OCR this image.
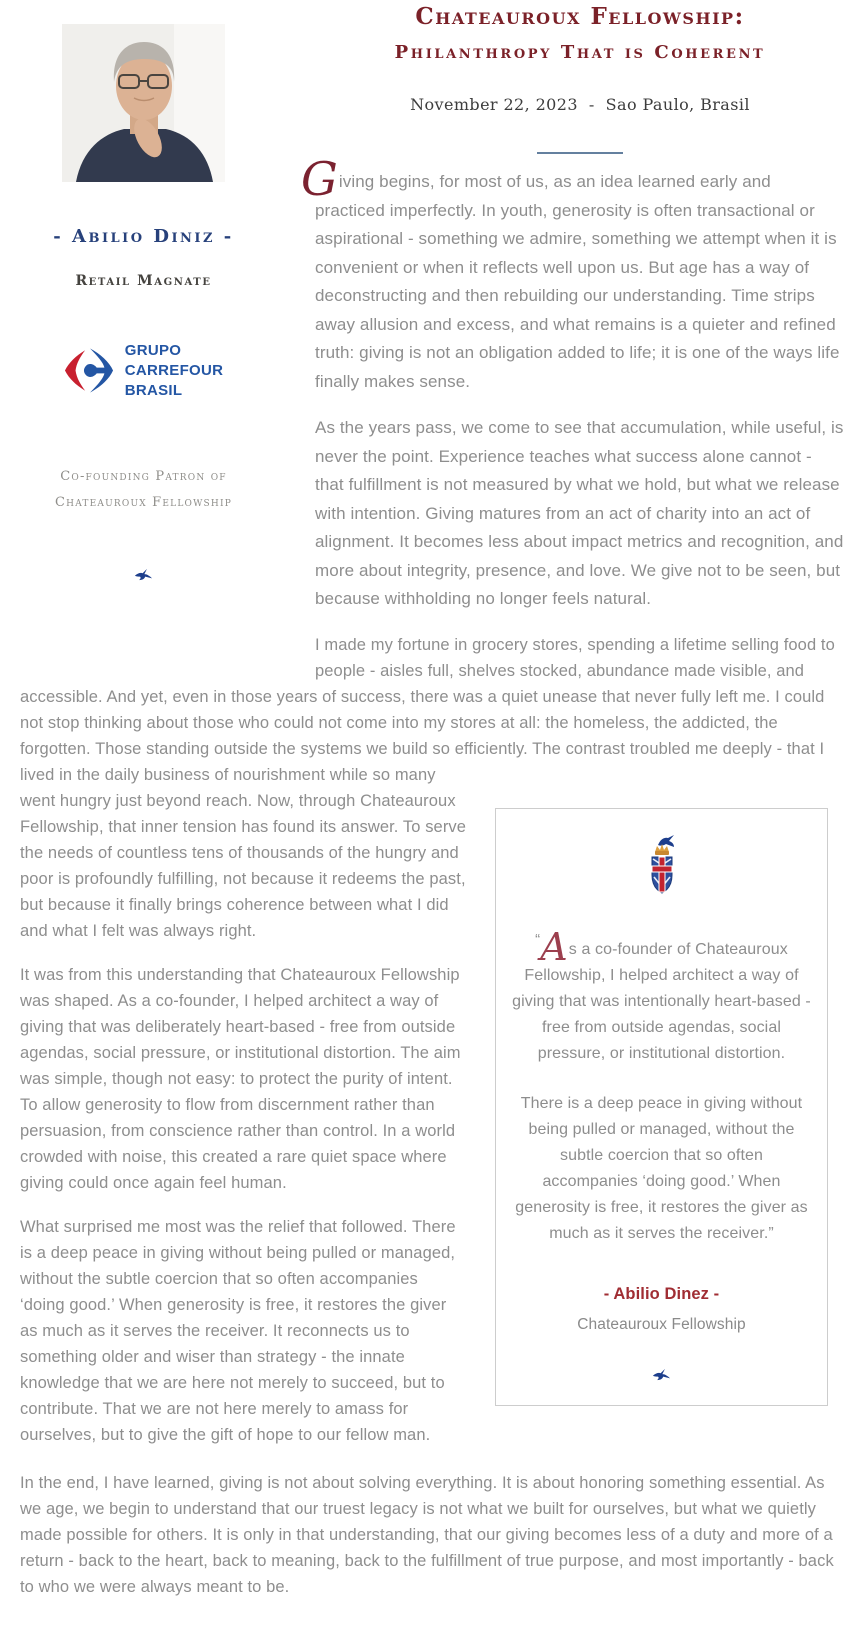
- Abilio Diniz -
Retail Magnate
GRUPO
CARREFOUR
BRASIL
Co-founding Patron of
Chateauroux Fellowship
Chateauroux Fellowship:
Philanthropy That is Coherent
November 22, 2023  -  Sao Paulo, Brasil
Giving begins, for most of us, as an idea learned early and practiced imperfectly. In youth, generosity is often transactional or aspirational - something we admire, something we attempt when it is convenient or when it reflects well upon us. But age has a way of deconstructing and then rebuilding our understanding. Time strips away allusion and excess, and what remains is a quieter and refined truth: giving is not an obligation added to life; it is one of the ways life finally makes sense.
As the years pass, we come to see that accumulation, while useful, is never the point. Experience teaches what success alone cannot - that fulfillment is not measured by what we hold, but what we release with intention. Giving matures from an act of charity into an act of alignment. It becomes less about impact metrics and recognition, and more about integrity, presence, and love. We give not to be seen, but because withholding no longer feels natural.
I made my fortune in grocery stores, spending a lifetime selling food to people - aisles full, shelves stocked, abundance made visible, and accessible. And yet, even in those years of success, there was a quiet unease that never fully left me. I could not stop thinking about those who could not come into my stores at all: the homeless, the addicted, the forgotten. Those standing outside the systems we build so efficiently. The contrast troubled me deeply - that I lived in the daily
“As a co-founder of Chateauroux Fellowship, I helped architect a way of giving that was intentionally heart-based - free from outside agendas, social pressure, or institutional distortion.
There is a deep peace in giving without being pulled or managed, without the subtle coercion that so often accompanies ‘doing good.’ When generosity is free, it restores the giver as much as it serves the receiver.”
- Abilio Dinez -
Chateauroux Fellowship
business of nourishment while so many went hungry just beyond reach. Now, through Chateauroux Fellowship, that inner tension has found its answer. To serve the needs of countless tens of thousands of the hungry and poor is profoundly fulfilling, not because it redeems the past, but because it finally brings coherence between what I did and what I felt was always right.
It was from this understanding that Chateauroux Fellowship was shaped. As a co-founder, I helped architect a way of giving that was deliberately heart-based - free from outside agendas, social pressure, or institutional distortion. The aim was simple, though not easy: to protect the purity of intent. To allow generosity to flow from discernment rather than persuasion, from conscience rather than control. In a world crowded with noise, this created a rare quiet space where giving could once again feel human.
What surprised me most was the relief that followed. There is a deep peace in giving without being pulled or managed, without the subtle coercion that so often accompanies ‘doing good.’ When generosity is free, it restores the giver as much as it serves the receiver. It reconnects us to something older and wiser than strategy - the innate knowledge that we are here not merely to succeed, but to contribute. That we are not here merely to amass for ourselves, but to give the gift of hope to our fellow man.
In the end, I have learned, giving is not about solving everything. It is about honoring something essential. As we age, we begin to understand that our truest legacy is not what we built for ourselves, but what we quietly made possible for others. It is only in that understanding, that our giving becomes less of a duty and more of a return - back to the heart, back to meaning, back to the fulfillment of true purpose, and most importantly - back to who we were always meant to be.
